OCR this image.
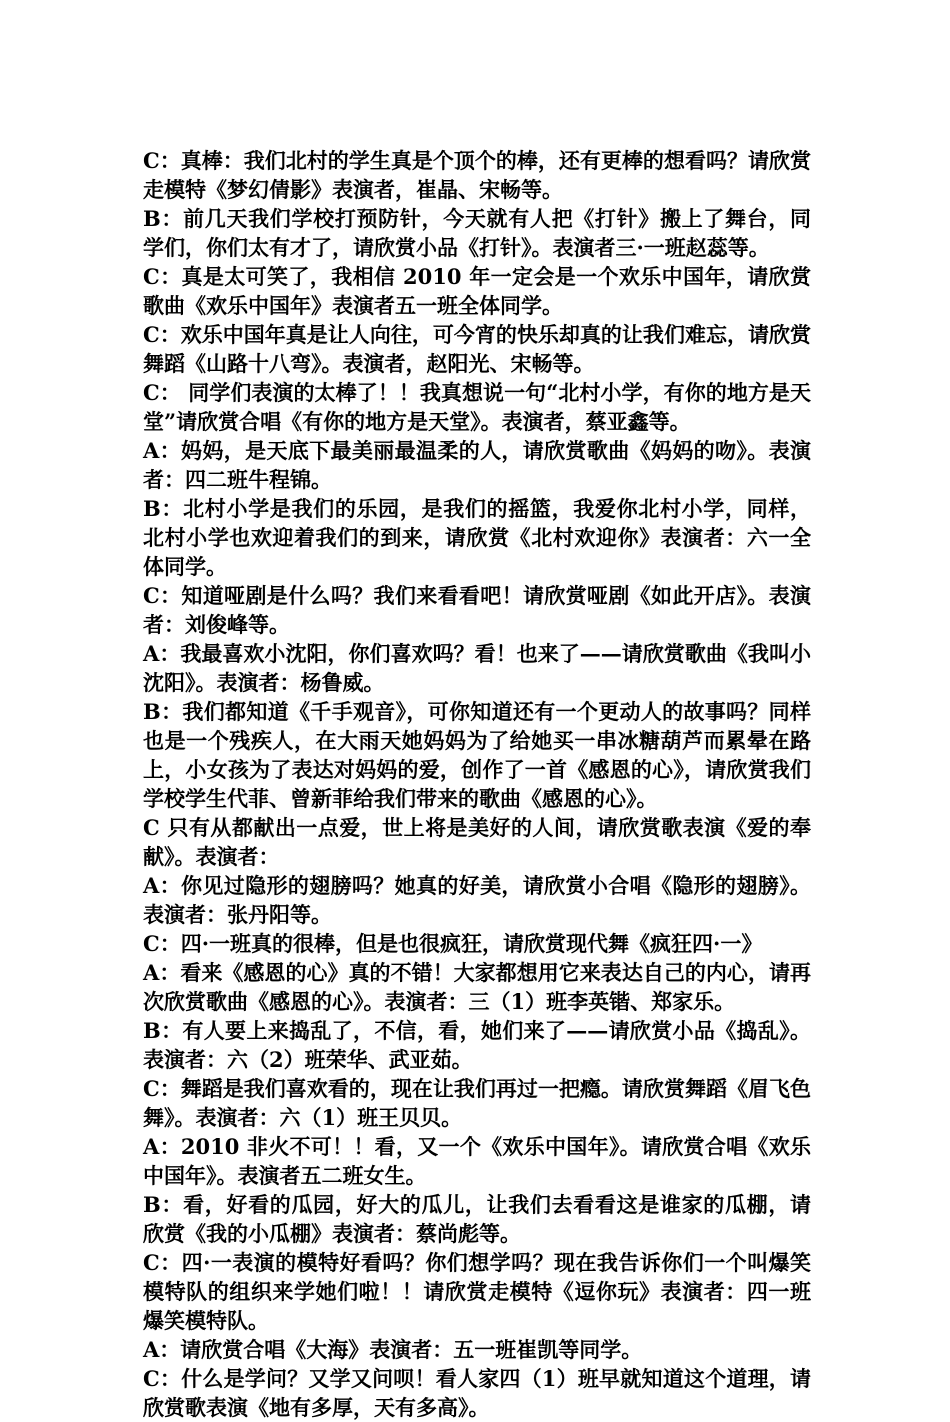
C：真棒：我们北村的学生真是个顶个的棒，还有更棒的想看吗？请欣赏走模特《梦幻倩影》表演者，崔晶、宋畅等。

B：前几天我们学校打预防针，今天就有人把《打针》搬上了舞台，同学们，你们太有才了，请欣赏小品《打针》。表演者三·一班赵蕊等。

C：真是太可笑了，我相信 2010 年一定会是一个欢乐中国年，请欣赏歌曲《欢乐中国年》表演者五一班全体同学。

C：欢乐中国年真是让人向往，可今宵的快乐却真的让我们难忘，请欣赏舞蹈《山路十八弯》。表演者，赵阳光、宋畅等。

C： 同学们表演的太棒了！！我真想说一句“北村小学，有你的地方是天堂”请欣赏合唱《有你的地方是天堂》。表演者，蔡亚鑫等。

A：妈妈，是天底下最美丽最温柔的人，请欣赏歌曲《妈妈的吻》。表演者：四二班牛程锦。

B：北村小学是我们的乐园，是我们的摇篮，我爱你北村小学，同样，北村小学也欢迎着我们的到来，请欣赏《北村欢迎你》表演者：六一全体同学。

C：知道哑剧是什么吗？我们来看看吧！请欣赏哑剧《如此开店》。表演者：刘俊峰等。

A：我最喜欢小沈阳，你们喜欢吗？看！也来了——请欣赏歌曲《我叫小沈阳》。表演者：杨鲁威。

B：我们都知道《千手观音》，可你知道还有一个更动人的故事吗？同样也是一个残疾人，在大雨天她妈妈为了给她买一串冰糖葫芦而累晕在路上，小女孩为了表达对妈妈的爱，创作了一首《感恩的心》，请欣赏我们学校学生代菲、曾新菲给我们带来的歌曲《感恩的心》。

C 只有从都献出一点爱，世上将是美好的人间，请欣赏歌表演《爱的奉献》。表演者：

A：你见过隐形的翅膀吗？她真的好美，请欣赏小合唱《隐形的翅膀》。表演者：张丹阳等。

C：四·一班真的很棒，但是也很疯狂，请欣赏现代舞《疯狂四·一》

A：看来《感恩的心》真的不错！大家都想用它来表达自己的内心，请再次欣赏歌曲《感恩的心》。表演者：三（1）班李英锴、郑家乐。

B：有人要上来捣乱了，不信，看，她们来了——请欣赏小品《捣乱》。表演者：六（2）班荣华、武亚茹。

C：舞蹈是我们喜欢看的，现在让我们再过一把瘾。请欣赏舞蹈《眉飞色舞》。表演者：六（1）班王贝贝。

A：2010 非火不可！！看，又一个《欢乐中国年》。请欣赏合唱《欢乐中国年》。表演者五二班女生。

B：看，好看的瓜园，好大的瓜儿，让我们去看看这是谁家的瓜棚，请欣赏《我的小瓜棚》表演者：蔡尚彪等。

C：四·一表演的模特好看吗？你们想学吗？现在我告诉你们一个叫爆笑模特队的组织来学她们啦！！请欣赏走模特《逗你玩》表演者：四一班爆笑模特队。

A：请欣赏合唱《大海》表演者：五一班崔凯等同学。

C：什么是学问？又学又问呗！看人家四（1）班早就知道这个道理，请欣赏歌表演《地有多厚，天有多高》。
